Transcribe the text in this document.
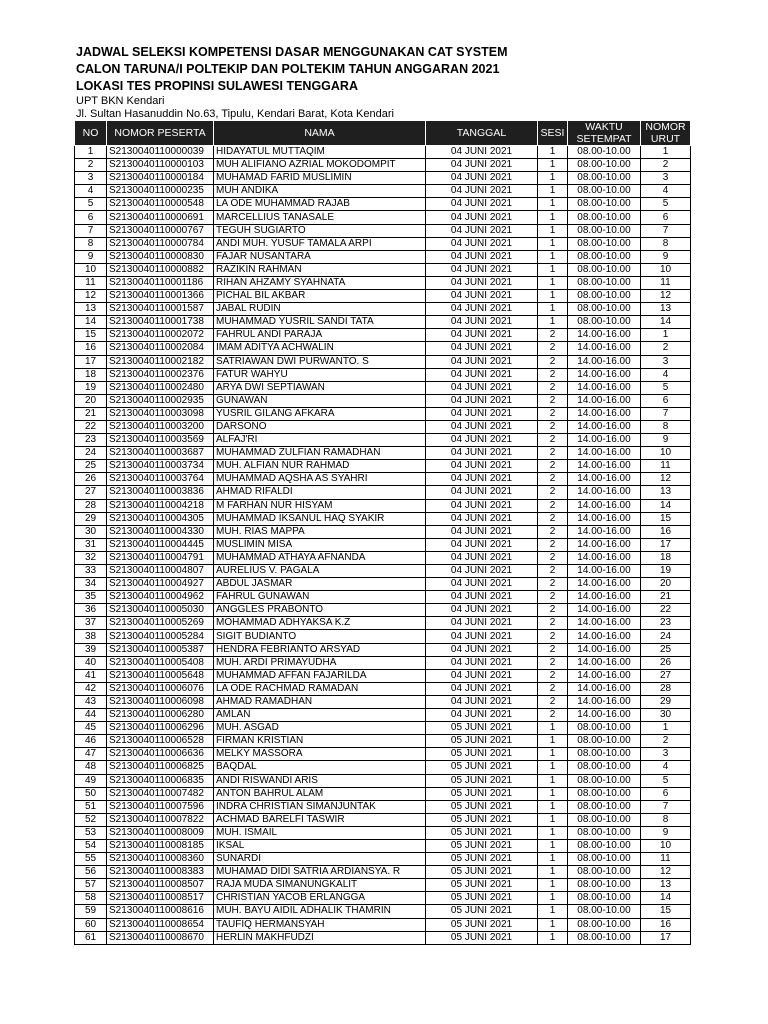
JADWAL SELEKSI KOMPETENSI DASAR MENGGUNAKAN CAT SYSTEM
CALON TARUNA/I POLTEKIP DAN POLTEKIM TAHUN ANGGARAN 2021
LOKASI TES PROPINSI SULAWESI TENGGARA
UPT BKN Kendari
Jl. Sultan Hasanuddin No.63, Tipulu, Kendari Barat, Kota Kendari
NO	NOMOR PESERTA	NAMA	TANGGAL	SESI	WAKTU SETEMPAT	NOMOR URUT
1	S2130040110000039	HIDAYATUL MUTTAQIM	04 JUNI 2021	1	08.00-10.00	1
2	S2130040110000103	MUH ALIFIANO AZRIAL MOKODOMPIT	04 JUNI 2021	1	08.00-10.00	2
3	S2130040110000184	MUHAMAD FARID MUSLIMIN	04 JUNI 2021	1	08.00-10.00	3
4	S2130040110000235	MUH ANDIKA	04 JUNI 2021	1	08.00-10.00	4
5	S2130040110000548	LA ODE MUHAMMAD RAJAB	04 JUNI 2021	1	08.00-10.00	5
6	S2130040110000691	MARCELLIUS TANASALE	04 JUNI 2021	1	08.00-10.00	6
7	S2130040110000767	TEGUH SUGIARTO	04 JUNI 2021	1	08.00-10.00	7
8	S2130040110000784	ANDI MUH. YUSUF TAMALA ARPI	04 JUNI 2021	1	08.00-10.00	8
9	S2130040110000830	FAJAR NUSANTARA	04 JUNI 2021	1	08.00-10.00	9
10	S2130040110000882	RAZIKIN RAHMAN	04 JUNI 2021	1	08.00-10.00	10
11	S2130040110001186	RIHAN AHZAMY SYAHNATA	04 JUNI 2021	1	08.00-10.00	11
12	S2130040110001366	PICHAL BIL AKBAR	04 JUNI 2021	1	08.00-10.00	12
13	S2130040110001587	JABAL RUDIN	04 JUNI 2021	1	08.00-10.00	13
14	S2130040110001738	MUHAMMAD YUSRIL SANDI TATA	04 JUNI 2021	1	08.00-10.00	14
15	S2130040110002072	FAHRUL ANDI PARAJA	04 JUNI 2021	2	14.00-16.00	1
16	S2130040110002084	IMAM ADITYA ACHWALIN	04 JUNI 2021	2	14.00-16.00	2
17	S2130040110002182	SATRIAWAN DWI PURWANTO. S	04 JUNI 2021	2	14.00-16.00	3
18	S2130040110002376	FATUR WAHYU	04 JUNI 2021	2	14.00-16.00	4
19	S2130040110002480	ARYA DWI SEPTIAWAN	04 JUNI 2021	2	14.00-16.00	5
20	S2130040110002935	GUNAWAN	04 JUNI 2021	2	14.00-16.00	6
21	S2130040110003098	YUSRIL GILANG AFKARA	04 JUNI 2021	2	14.00-16.00	7
22	S2130040110003200	DARSONO	04 JUNI 2021	2	14.00-16.00	8
23	S2130040110003569	ALFAJ'RI	04 JUNI 2021	2	14.00-16.00	9
24	S2130040110003687	MUHAMMAD ZULFIAN RAMADHAN	04 JUNI 2021	2	14.00-16.00	10
25	S2130040110003734	MUH. ALFIAN NUR RAHMAD	04 JUNI 2021	2	14.00-16.00	11
26	S2130040110003764	MUHAMMAD AQSHA AS SYAHRI	04 JUNI 2021	2	14.00-16.00	12
27	S2130040110003836	AHMAD RIFALDI	04 JUNI 2021	2	14.00-16.00	13
28	S2130040110004218	M FARHAN NUR HISYAM	04 JUNI 2021	2	14.00-16.00	14
29	S2130040110004305	MUHAMMAD IKSANUL HAQ SYAKIR	04 JUNI 2021	2	14.00-16.00	15
30	S2130040110004330	MUH. RIAS MAPPA	04 JUNI 2021	2	14.00-16.00	16
31	S2130040110004445	MUSLIMIN MISA	04 JUNI 2021	2	14.00-16.00	17
32	S2130040110004791	MUHAMMAD ATHAYA AFNANDA	04 JUNI 2021	2	14.00-16.00	18
33	S2130040110004807	AURELIUS V. PAGALA	04 JUNI 2021	2	14.00-16.00	19
34	S2130040110004927	ABDUL JASMAR	04 JUNI 2021	2	14.00-16.00	20
35	S2130040110004962	FAHRUL GUNAWAN	04 JUNI 2021	2	14.00-16.00	21
36	S2130040110005030	ANGGLES PRABONTO	04 JUNI 2021	2	14.00-16.00	22
37	S2130040110005269	MOHAMMAD ADHYAKSA K.Z	04 JUNI 2021	2	14.00-16.00	23
38	S2130040110005284	SIGIT BUDIANTO	04 JUNI 2021	2	14.00-16.00	24
39	S2130040110005387	HENDRA FEBRIANTO ARSYAD	04 JUNI 2021	2	14.00-16.00	25
40	S2130040110005408	MUH. ARDI PRIMAYUDHA	04 JUNI 2021	2	14.00-16.00	26
41	S2130040110005648	MUHAMMAD AFFAN FAJARILDA	04 JUNI 2021	2	14.00-16.00	27
42	S2130040110006076	LA ODE RACHMAD RAMADAN	04 JUNI 2021	2	14.00-16.00	28
43	S2130040110006098	AHMAD RAMADHAN	04 JUNI 2021	2	14.00-16.00	29
44	S2130040110006280	AMLAN	04 JUNI 2021	2	14.00-16.00	30
45	S2130040110006296	MUH. ASGAD	05 JUNI 2021	1	08.00-10.00	1
46	S2130040110006528	FIRMAN KRISTIAN	05 JUNI 2021	1	08.00-10.00	2
47	S2130040110006636	MELKY MASSORA	05 JUNI 2021	1	08.00-10.00	3
48	S2130040110006825	BAQDAL	05 JUNI 2021	1	08.00-10.00	4
49	S2130040110006835	ANDI RISWANDI ARIS	05 JUNI 2021	1	08.00-10.00	5
50	S2130040110007482	ANTON BAHRUL ALAM	05 JUNI 2021	1	08.00-10.00	6
51	S2130040110007596	INDRA CHRISTIAN SIMANJUNTAK	05 JUNI 2021	1	08.00-10.00	7
52	S2130040110007822	ACHMAD BARELFI TASWIR	05 JUNI 2021	1	08.00-10.00	8
53	S2130040110008009	MUH. ISMAIL	05 JUNI 2021	1	08.00-10.00	9
54	S2130040110008185	IKSAL	05 JUNI 2021	1	08.00-10.00	10
55	S2130040110008360	SUNARDI	05 JUNI 2021	1	08.00-10.00	11
56	S2130040110008383	MUHAMAD DIDI SATRIA ARDIANSYA. R	05 JUNI 2021	1	08.00-10.00	12
57	S2130040110008507	RAJA MUDA SIMANUNGKALIT	05 JUNI 2021	1	08.00-10.00	13
58	S2130040110008517	CHRISTIAN YACOB ERLANGGA	05 JUNI 2021	1	08.00-10.00	14
59	S2130040110008616	MUH. BAYU AIDIL ADHALIK THAMRIN	05 JUNI 2021	1	08.00-10.00	15
60	S2130040110008654	TAUFIQ HERMANSYAH	05 JUNI 2021	1	08.00-10.00	16
61	S2130040110008670	HERLIN MAKHFUDZI	05 JUNI 2021	1	08.00-10.00	17
